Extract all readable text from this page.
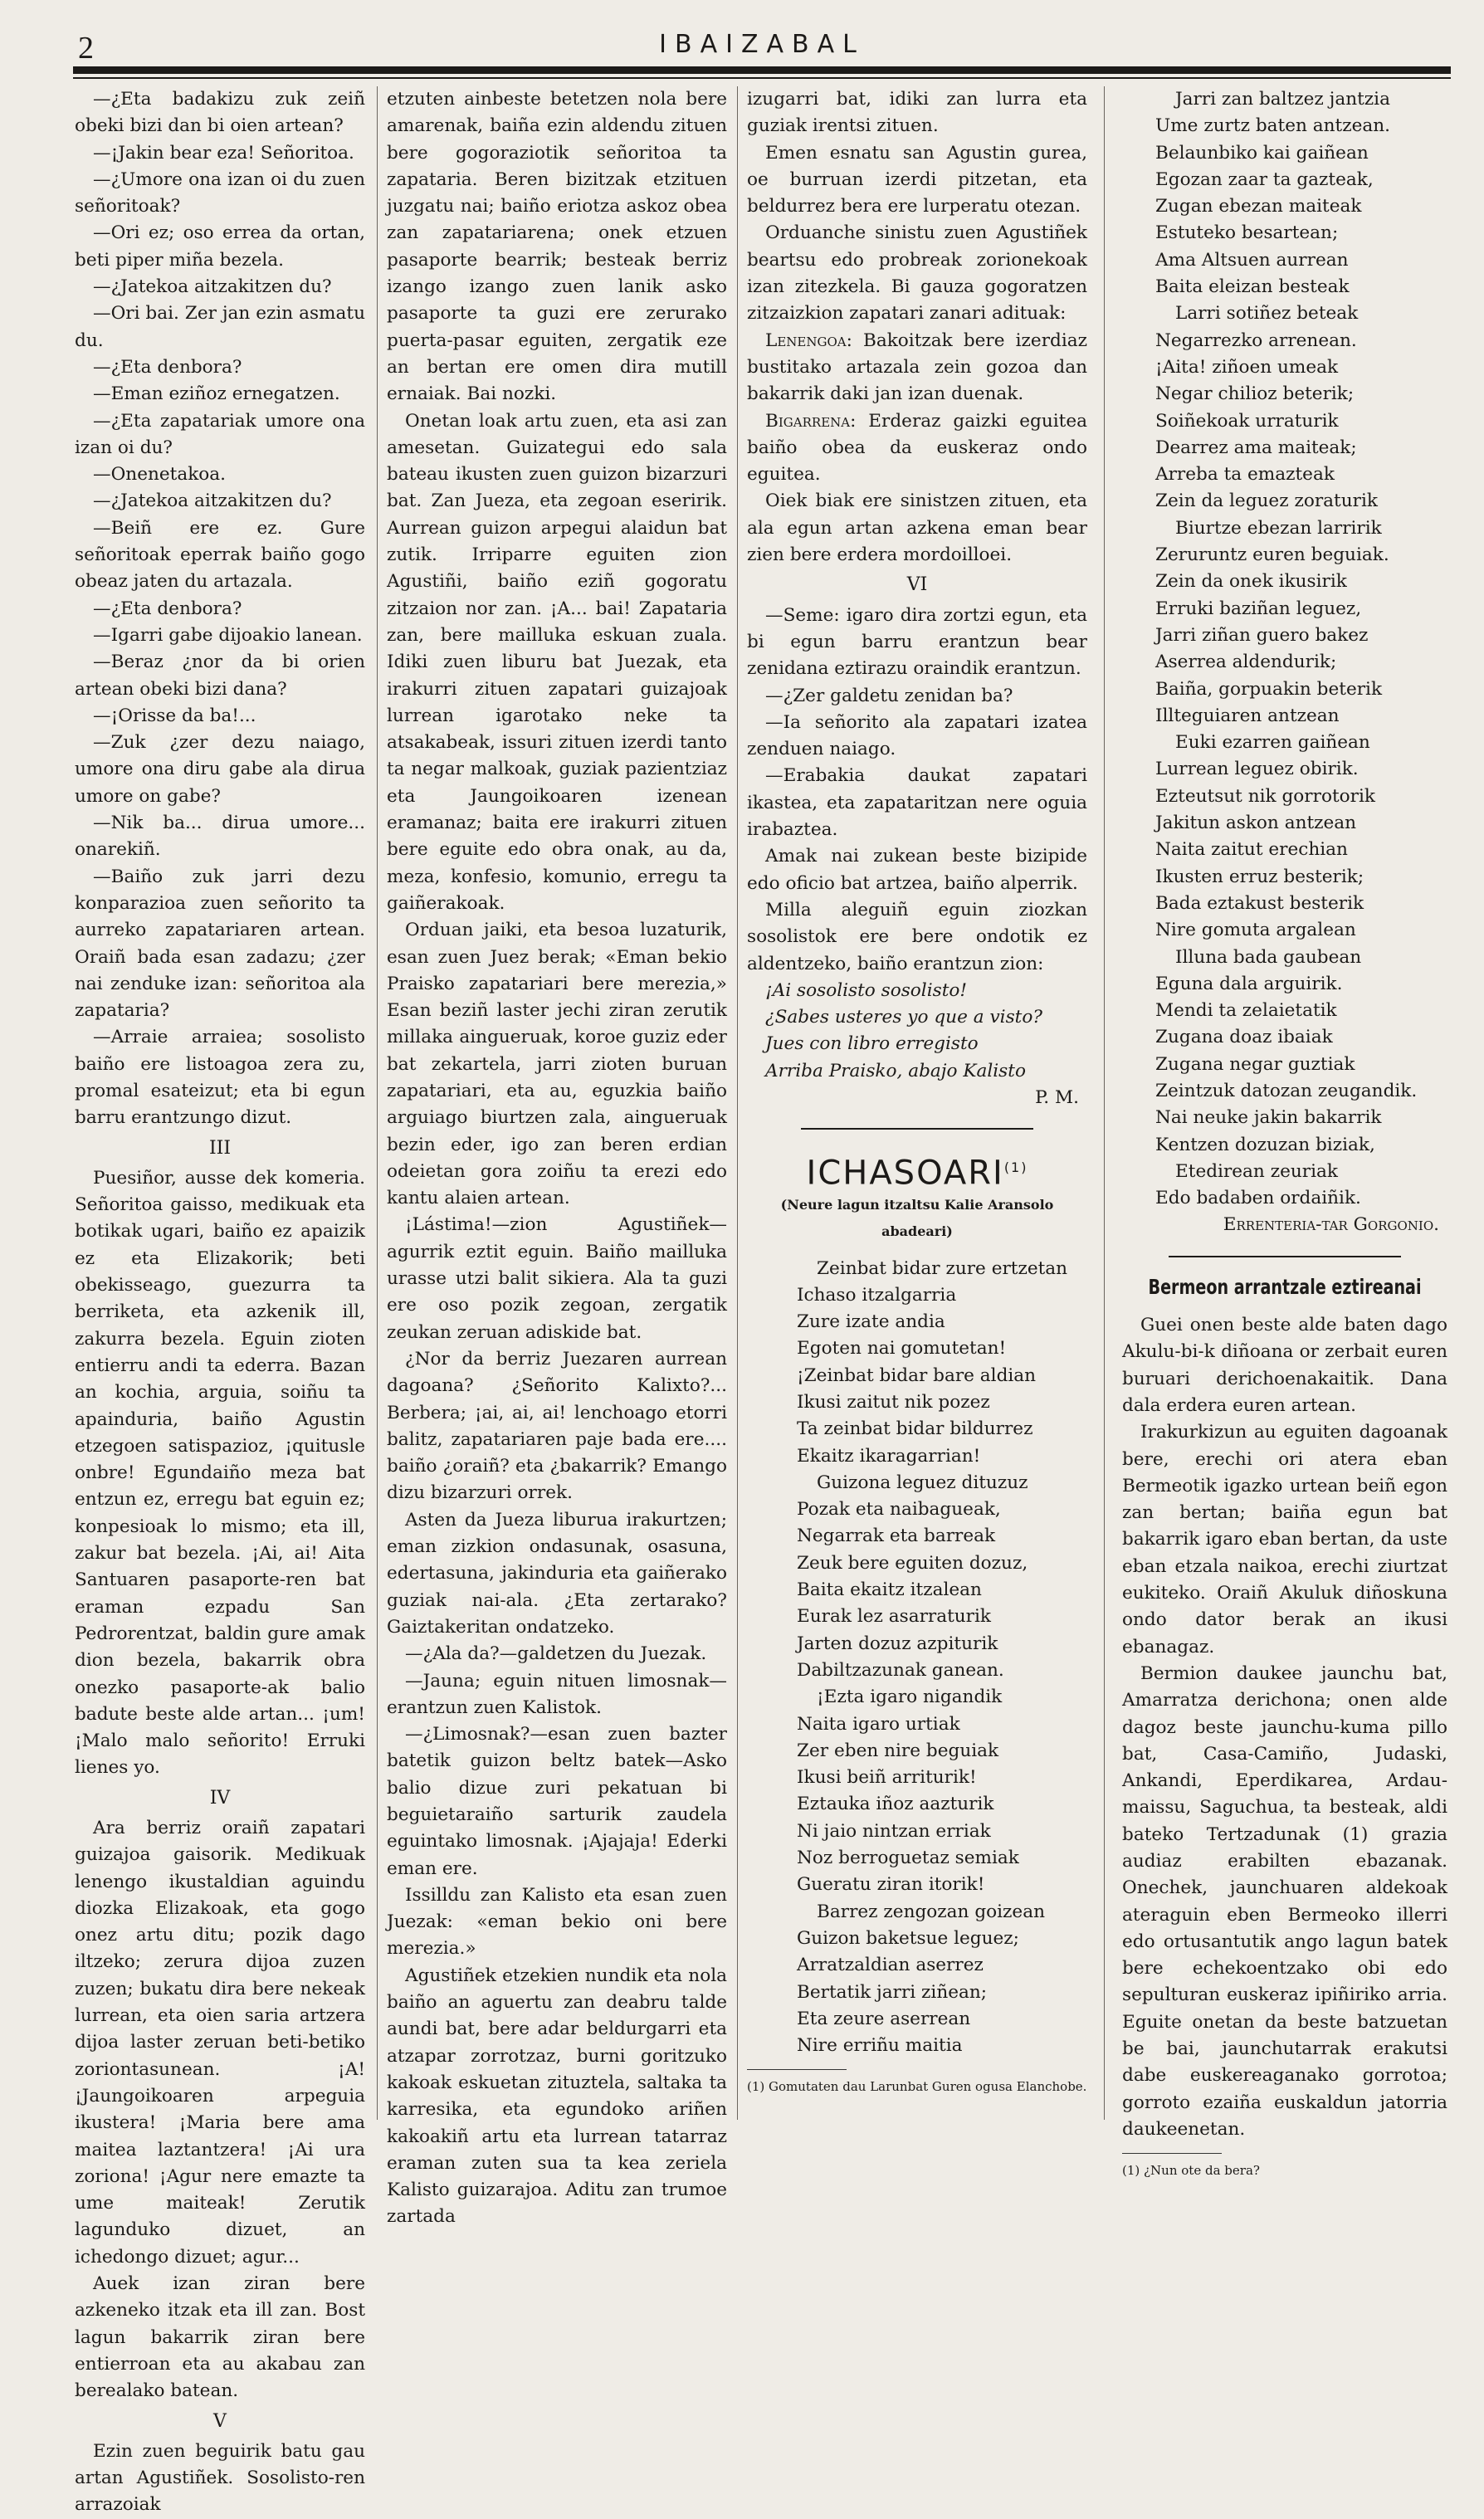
2	IBAIZABAL

—¿Eta badakizu zuk zeiñ obeki bizi dan bi oien artean?

—¡Jakin bear eza! Señoritoa.

—¿Umore ona izan oi du zuen señoritoak?

—Ori ez; oso errea da ortan, beti piper miña bezela.

—¿Jatekoa aitzakitzen du?

—Ori bai. Zer jan ezin asmatu du.

—¿Eta denbora?

—Eman eziñoz ernegatzen.

—¿Eta zapatariak umore ona izan oi du?

—Onenetakoa.

—¿Jatekoa aitzakitzen du?

—Beiñ ere ez. Gure señoritoak eperrak baiño gogo obeaz jaten du artazala.

—¿Eta denbora?

—Igarri gabe dijoakio lanean.

—Beraz ¿nor da bi orien artean obeki bizi dana?

—¡Orisse da ba!...

—Zuk ¿zer dezu naiago, umore ona diru gabe ala dirua umore on gabe?

—Nik ba... dirua umore... onarekiñ.

—Baiño zuk jarri dezu konparazioa zuen señorito ta aurreko zapatariaren artean. Oraiñ bada esan zadazu; ¿zer nai zenduke izan: señoritoa ala zapataria?

—Arraie arraiea; sosolisto baiño ere listoagoa zera zu, promal esateizut; eta bi egun barru erantzungo dizut.

III

Puesiñor, ausse dek komeria. Señoritoa gaisso, medikuak eta botikak ugari, baiño ez apaizik ez eta Elizakorik; beti obekisseago, guezurra ta berriketa, eta azkenik ill, zakurra bezela. Eguin zioten entierru andi ta ederra. Bazan an kochia, arguia, soiñu ta apainduria, baiño Agustin etzegoen satispazioz, ¡quitusle onbre! Egundaiño meza bat entzun ez, erregu bat eguin ez; konpesioak lo mismo; eta ill, zakur bat bezela. ¡Ai, ai! Aita Santuaren pasaporte-ren bat eraman ezpadu San Pedrorentzat, baldin gure amak dion bezela, bakarrik obra onezko pasaporte-ak balio badute beste alde artan... ¡um! ¡Malo malo señorito! Erruki lienes yo.

IV

Ara berriz oraiñ zapatari guizajoa gaisorik. Medikuak lenengo ikustaldian aguindu diozka Elizakoak, eta gogo onez artu ditu; pozik dago iltzeko; zerura dijoa zuzen zuzen; bukatu dira bere nekeak lurrean, eta oien saria artzera dijoa laster zeruan beti-betiko zoriontasunean. ¡A! ¡Jaungoikoaren arpeguia ikustera! ¡Maria bere ama maitea laztantzera! ¡Ai ura zoriona! ¡Agur nere emazte ta ume maiteak! Zerutik lagunduko dizuet, an ichedongo dizuet; agur...

Auek izan ziran bere azkeneko itzak eta ill zan. Bost lagun bakarrik ziran bere entierroan eta au akabau zan berealako batean.

V

Ezin zuen beguirik batu gau artan Agustiñek. Sosolisto-ren arrazoiak

etzuten ainbeste betetzen nola bere amarenak, baiña ezin aldendu zituen bere gogoraziotik señoritoa ta zapataria. Beren bizitzak etzituen juzgatu nai; baiño eriotza askoz obea zan zapatariarena; onek etzuen pasaporte bearrik; besteak berriz izango izango zuen lanik asko pasaporte ta guzi ere zerurako puerta-pasar eguiten, zergatik eze an bertan ere omen dira mutill ernaiak. Bai nozki.

Onetan loak artu zuen, eta asi zan amesetan. Guizategui edo sala bateau ikusten zuen guizon bizarzuri bat. Zan Jueza, eta zegoan eseririk. Aurrean guizon arpegui alaidun bat zutik. Irriparre eguiten zion Agustiñi, baiño eziñ gogoratu zitzaion nor zan. ¡A... bai! Zapataria zan, bere mailluka eskuan zuala. Idiki zuen liburu bat Juezak, eta irakurri zituen zapatari guizajoak lurrean igarotako neke ta atsakabeak, issuri zituen izerdi tanto ta negar malkoak, guziak pazientziaz eta Jaungoikoaren izenean eramanaz; baita ere irakurri zituen bere eguite edo obra onak, au da, meza, konfesio, komunio, erregu ta gaiñerakoak.

Orduan jaiki, eta besoa luzaturik, esan zuen Juez berak; «Eman bekio Praisko zapatariari bere merezia,» Esan beziñ laster jechi ziran zerutik millaka aingueruak, koroe guziz eder bat zekartela, jarri zioten buruan zapatariari, eta au, eguzkia baiño arguiago biurtzen zala, aingueruak bezin eder, igo zan beren erdian odeietan gora zoiñu ta erezi edo kantu alaien artean.

¡Lástima!—zion Agustiñek—agurrik eztit eguin. Baiño mailluka urasse utzi balit sikiera. Ala ta guzi ere oso pozik zegoan, zergatik zeukan zeruan adiskide bat.

¿Nor da berriz Juezaren aurrean dagoana? ¿Señorito Kalixto?... Berbera; ¡ai, ai, ai! lenchoago etorri balitz, zapatariaren paje bada ere.... baiño ¿oraiñ? eta ¿bakarrik? Emango dizu bizarzuri orrek.

Asten da Jueza liburua irakurtzen; eman zizkion ondasunak, osasuna, edertasuna, jakinduria eta gaiñerako guziak nai-ala. ¿Eta zertarako? Gaiztakeritan ondatzeko.

—¿Ala da?—galdetzen du Juezak.

—Jauna; eguin nituen limosnak—erantzun zuen Kalistok.

—¿Limosnak?—esan zuen bazter batetik guizon beltz batek—Asko balio dizue zuri pekatuan bi beguietaraiño sarturik zaudela eguintako limosnak. ¡Ajajaja! Ederki eman ere.

Issilldu zan Kalisto eta esan zuen Juezak: «eman bekio oni bere merezia.»

Agustiñek etzekien nundik eta nola baiño an aguertu zan deabru talde aundi bat, bere adar beldurgarri eta atzapar zorrotzaz, burni goritzuko kakoak eskuetan zituztela, saltaka ta karresika, eta egundoko ariñen kakoakiñ artu eta lurrean tatarraz eraman zuten sua ta kea zeriela Kalisto guizarajoa. Aditu zan trumoe zartada

izugarri bat, idiki zan lurra eta guziak irentsi zituen.

Emen esnatu san Agustin gurea, oe burruan izerdi pitzetan, eta beldurrez bera ere lurperatu otezan.

Orduanche sinistu zuen Agustiñek beartsu edo probreak zorionekoak izan zitezkela. Bi gauza gogoratzen zitzaizkion zapatari zanari adituak:

Lenengoa: Bakoitzak bere izerdiaz bustitako artazala zein gozoa dan bakarrik daki jan izan duenak.

Bigarrena: Erderaz gaizki eguitea baiño obea da euskeraz ondo eguitea.

Oiek biak ere sinistzen zituen, eta ala egun artan azkena eman bear zien bere erdera mordoilloei.

VI

—Seme: igaro dira zortzi egun, eta bi egun barru erantzun bear zenidana eztirazu oraindik erantzun.

—¿Zer galdetu zenidan ba?

—Ia señorito ala zapatari izatea zenduen naiago.

—Erabakia daukat zapatari ikastea, eta zapataritzan nere oguia irabaztea.

Amak nai zukean beste bizipide edo oficio bat artzea, baiño alperrik.

Milla aleguiñ eguin ziozkan sosolistok ere bere ondotik ez aldentzeko, baiño erantzun zion:

¡Ai sosolisto sosolisto!

¿Sabes usteres yo que a visto?

Jues con libro erregisto

Arriba Praisko, abajo Kalisto

P. M.

ICHASOARI$^{(1)}$
(Neure lagun itzaltsu Kalie Aransolo abadeari)

Zeinbat bidar zure ertzetan

Ichaso itzalgarria

Zure izate andia

Egoten nai gomutetan!

¡Zeinbat bidar bare aldian

Ikusi zaitut nik pozez

Ta zeinbat bidar bildurrez

Ekaitz ikaragarrian!

Guizona leguez dituzuz

Pozak eta naibagueak,

Negarrak eta barreak

Zeuk bere eguiten dozuz,

Baita ekaitz itzalean

Eurak lez asarraturik

Jarten dozuz azpiturik

Dabiltzazunak ganean.

¡Ezta igaro nigandik

Naita igaro urtiak

Zer eben nire beguiak

Ikusi beiñ arriturik!

Eztauka iñoz aazturik

Ni jaio nintzan erriak

Noz berroguetaz semiak

Gueratu ziran itorik!

Barrez zengozan goizean

Guizon baketsue leguez;

Arratzaldian aserrez

Bertatik jarri ziñean;

Eta zeure aserrean

Nire erriñu maitia

(1) Gomutaten dau Larunbat Guren ogusa Elanchobe.

Jarri zan baltzez jantzia

Ume zurtz baten antzean.

Belaunbiko kai gaiñean

Egozan zaar ta gazteak,

Zugan ebezan maiteak

Estuteko besartean;

Ama Altsuen aurrean

Baita eleizan besteak

Larri sotiñez beteak

Negarrezko arrenean.

¡Aita! ziñoen umeak

Negar chilioz beterik;

Soiñekoak urraturik

Dearrez ama maiteak;

Arreba ta emazteak

Zein da leguez zoraturik

Biurtze ebezan larririk

Zeruruntz euren beguiak.

Zein da onek ikusirik

Erruki baziñan leguez,

Jarri ziñan guero bakez

Aserrea aldendurik;

Baiña, gorpuakin beterik

Illteguiaren antzean

Euki ezarren gaiñean

Lurrean leguez obirik.

Ezteutsut nik gorrotorik

Jakitun askon antzean

Naita zaitut erechian

Ikusten erruz besterik;

Bada eztakust besterik

Nire gomuta argalean

Illuna bada gaubean

Eguna dala arguirik.

Mendi ta zelaietatik

Zugana doaz ibaiak

Zugana negar guztiak

Zeintzuk datozan zeugandik.

Nai neuke jakin bakarrik

Kentzen dozuzan biziak,

Etedirean zeuriak

Edo badaben ordaiñik.

Errenteria-tar Gorgonio.

Bermeon arrantzale eztireanai

Guei onen beste alde baten dago Akulu-bi-k diñoana or zerbait euren buruari derichoenakaitik. Dana dala erdera euren artean.

Irakurkizun au eguiten dagoanak bere, erechi ori atera eban Bermeotik igazko urtean beiñ egon zan bertan; baiña egun bat bakarrik igaro eban bertan, da uste eban etzala naikoa, erechi ziurtzat eukiteko. Oraiñ Akuluk diñoskuna ondo dator berak an ikusi ebanagaz.

Bermion daukee jaunchu bat, Amarratza derichona; onen alde dagoz beste jaunchu-kuma pillo bat, Casa-Camiño, Judaski, Ankandi, Eperdikarea, Ardau-maissu, Saguchua, ta besteak, aldi bateko Tertzadunak (1) grazia audiaz erabilten ebazanak. Onechek, jaunchuaren aldekoak ateraguin eben Bermeoko illerri edo ortusantutik ango lagun batek bere echekoentzako obi edo sepulturan euskeraz ipiñiriko arria. Eguite onetan da beste batzuetan be bai, jaunchutarrak erakutsi dabe euskereaganako gorrotoa; gorroto ezaiña euskaldun jatorria daukeenetan.

(1) ¿Nun ote da bera?
